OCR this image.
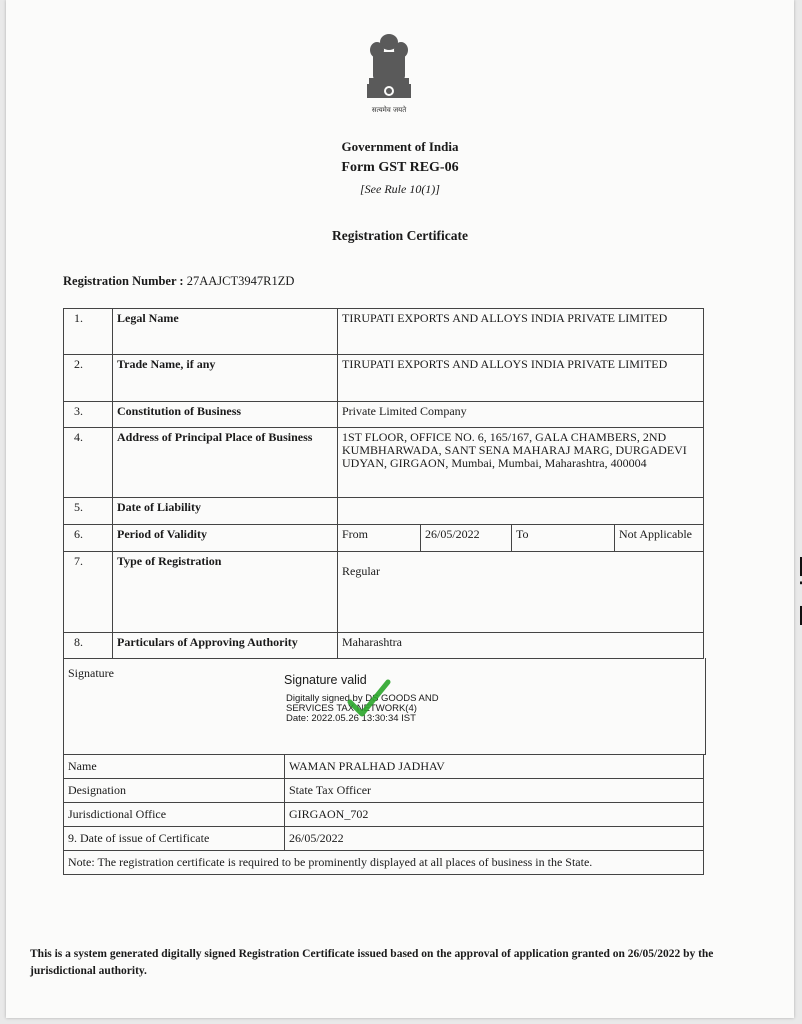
सत्यमेव जयते
Government of India
Form GST REG-06
[See Rule 10(1)]
Registration Certificate
Registration Number : 27AAJCT3947R1ZD
1.	Legal Name	TIRUPATI EXPORTS AND ALLOYS INDIA PRIVATE LIMITED
2.	Trade Name, if any	TIRUPATI EXPORTS AND ALLOYS INDIA PRIVATE LIMITED
3.	Constitution of Business	Private Limited Company
4.	Address of Principal Place of Business	1ST FLOOR, OFFICE NO. 6, 165/167, GALA CHAMBERS, 2ND KUMBHARWADA, SANT SENA MAHARAJ MARG, DURGADEVI UDYAN, GIRGAON, Mumbai, Mumbai, Maharashtra, 400004
5.	Date of Liability	
6.	Period of Validity		From	26/05/2022	To	Not Applicable

7.	Type of Registration	
Regular

8.	Particulars of Approving Authority	Maharashtra
Signature	Signature valid
Digitally signed by DS GOODS AND
SERVICES TAX NETWORK(4)
Date: 2022.05.26 13:30:34 IST
Name	WAMAN PRALHAD JADHAV
Designation	State Tax Officer
Jurisdictional Office	GIRGAON_702
9. Date of issue of Certificate	26/05/2022
Note: The registration certificate is required to be prominently displayed at all places of business in the State.	
This is a system generated digitally signed Registration Certificate issued based on the approval of application granted on 26/05/2022 by the jurisdictional authority.
